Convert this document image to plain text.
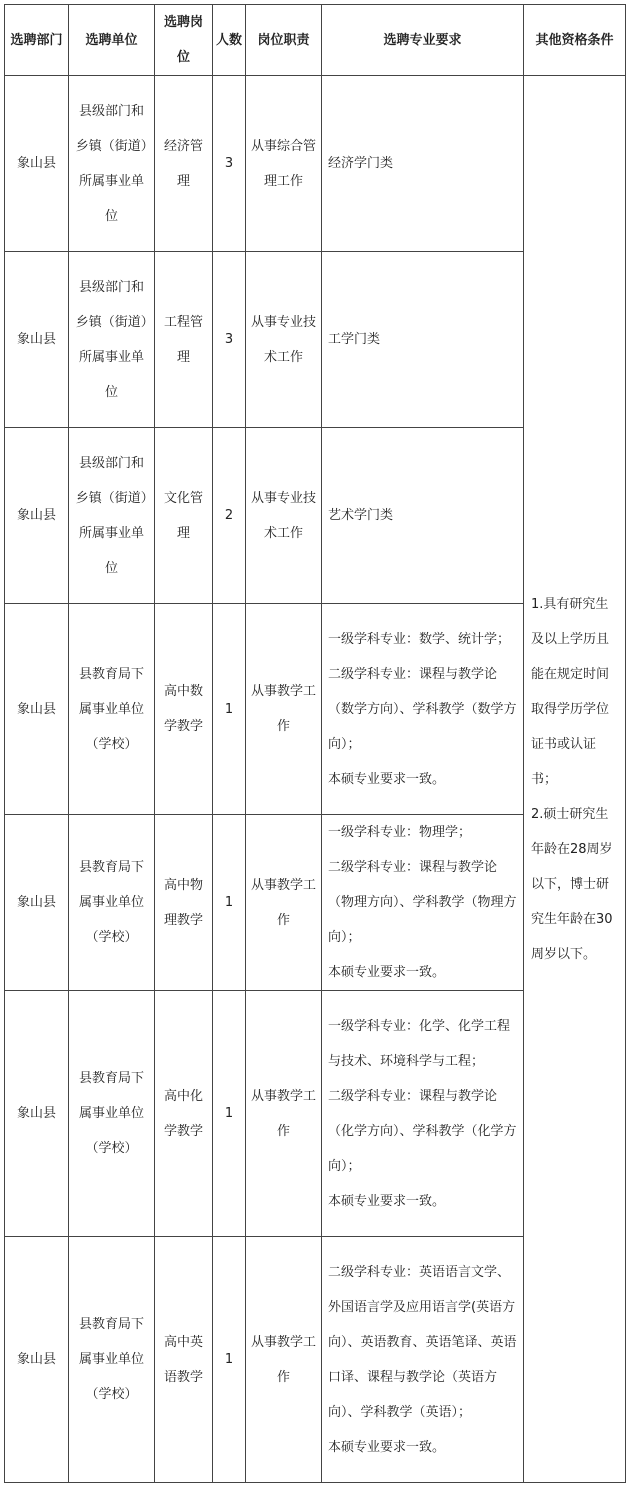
选聘部门	选聘单位	选聘岗位	人数	岗位职责	选聘专业要求	其他资格条件
象山县	县级部门和乡镇（街道）所属事业单位	经济管理	3	从事综合管理工作	经济学门类	1.具有研究生及以上学历且能在规定时间取得学历学位证书或认证书；
2.硕士研究生年龄在28周岁以下，博士研究生年龄在30周岁以下。

象山县	县级部门和乡镇（街道）所属事业单位	工程管理	3	从事专业技术工作	工学门类	

象山县	县级部门和乡镇（街道）所属事业单位	文化管理	2	从事专业技术工作	艺术学门类	

象山县	县教育局下属事业单位（学校）	高中数学教学	1	从事教学工作	一级学科专业：数学、统计学；
二级学科专业：课程与教学论（数学方向）、学科教学（数学方向）；
本硕专业要求一致。	

象山县	县教育局下属事业单位（学校）	高中物理教学	1	从事教学工作	一级学科专业：物理学；
二级学科专业：课程与教学论（物理方向）、学科教学（物理方向）；
本硕专业要求一致。	

象山县	县教育局下属事业单位（学校）	高中化学教学	1	从事教学工作	一级学科专业：化学、化学工程与技术、环境科学与工程；
二级学科专业：课程与教学论（化学方向）、学科教学（化学方向）；
本硕专业要求一致。	

象山县	县教育局下属事业单位（学校）	高中英语教学	1	从事教学工作	二级学科专业：英语语言文学、外国语言学及应用语言学(英语方向）、英语教育、英语笔译、英语口译、课程与教学论（英语方向）、学科教学（英语）；
本硕专业要求一致。	
